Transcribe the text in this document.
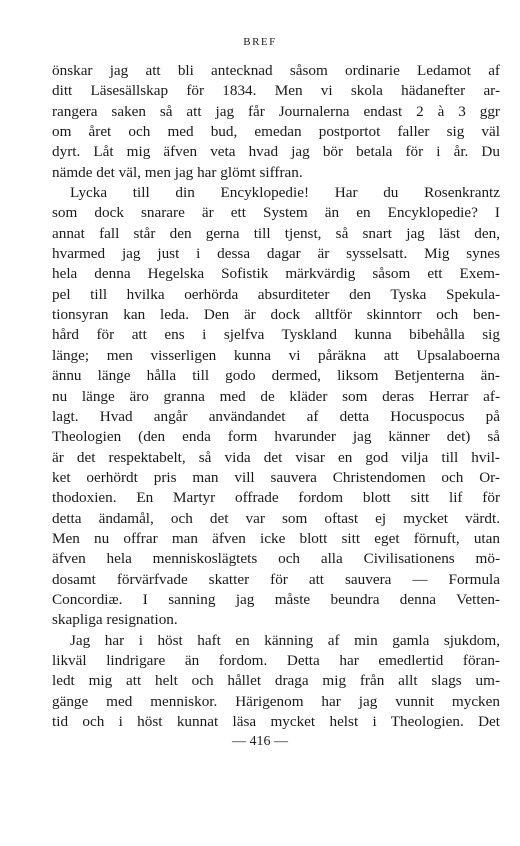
BREF
önskar jag att bli antecknad såsom ordinarie Ledamot af
ditt Läsesällskap för 1834. Men vi skola hädanefter ar-
rangera saken så att jag får Journalerna endast 2 à 3 ggr
om året och med bud, emedan postportot faller sig väl
dyrt. Låt mig äfven veta hvad jag bör betala för i år. Du
nämde det väl, men jag har glömt siffran.
Lycka till din Encyklopedie! Har du Rosenkrantz
som dock snarare är ett System än en Encyklopedie? I
annat fall står den gerna till tjenst, så snart jag läst den,
hvarmed jag just i dessa dagar är sysselsatt. Mig synes
hela denna Hegelska Sofistik märkvärdig såsom ett Exem-
pel till hvilka oerhörda absurditeter den Tyska Spekula-
tionsyran kan leda. Den är dock alltför skinntorr och ben-
hård för att ens i sjelfva Tyskland kunna bibehålla sig
länge; men visserligen kunna vi påräkna att Upsalaboerna
ännu länge hålla till godo dermed, liksom Betjenterna än-
nu länge äro granna med de kläder som deras Herrar af-
lagt. Hvad angår användandet af detta Hocuspocus på
Theologien (den enda form hvarunder jag känner det) så
är det respektabelt, så vida det visar en god vilja till hvil-
ket oerhördt pris man vill sauvera Christendomen och Or-
thodoxien. En Martyr offrade fordom blott sitt lif för
detta ändamål, och det var som oftast ej mycket värdt.
Men nu offrar man äfven icke blott sitt eget förnuft, utan
äfven hela menniskoslägtets och alla Civilisationens mö-
dosamt förvärfvade skatter för att sauvera — Formula
Concordiæ. I sanning jag måste beundra denna Vetten-
skapliga resignation.
Jag har i höst haft en känning af min gamla sjukdom,
likväl lindrigare än fordom. Detta har emedlertid föran-
ledt mig att helt och hållet draga mig från allt slags um-
gänge med menniskor. Härigenom har jag vunnit mycken
tid och i höst kunnat läsa mycket helst i Theologien. Det
— 416 —
